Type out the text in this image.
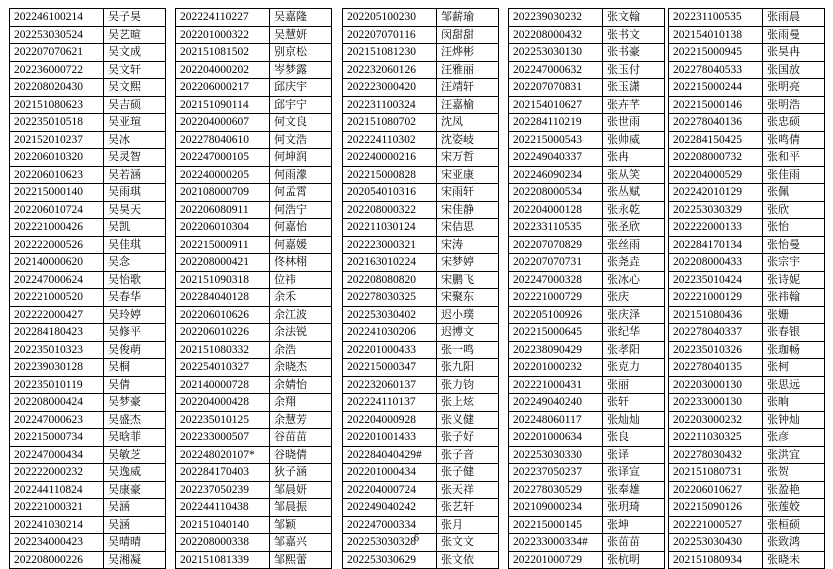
202246100214	吴子昊
202253030524	吴艺暄
202207070621	吴文成
202236000722	吴文轩
202208020430	吴文熙
202151080623	吴吉硕
202235010518	吴亚瑄
202152010237	吴冰
202206010320	吴灵智
202206010623	吴若涵
202215000140	吴雨琪
202206010724	吴昊天
202221000426	吴凯
202222000526	吴佳琪
202140000620	吴念
202247000624	吴怡歌
202221000520	吴春华
202222000427	吴玲婷
202284180423	吴修平
202235010323	吴俊萌
202239030128	吴桐
202235010119	吴倩
202208000424	吴梦豪
202247000623	吴盛杰
202215000734	吴晗菲
202247000434	吴敏芝
202222000232	吴逸威
202244110824	吴康豪
202221000321	吴涵
202241030214	吴涵
202234000423	吴晴晴
202208000226	吴湘凝
202224110227	吴嘉隆
202201000322	吴慧妍
202151081502	别京松
202204000202	岑梦露
202206000217	邱庆宇
202151090114	邱宇宁
202204000607	何文良
202278040610	何文浩
202247000105	何坤润
202240000205	何雨濛
202108000709	何孟霄
202206080911	何浩宁
202206010304	何嘉怡
202215000911	何嘉媛
202208000421	佟林栩
202151090318	位祎
202284040128	余禾
202206010626	余江波
202206010226	余法锐
202151080332	余浩
202254010327	余晓杰
202140000728	余婧怡
202204000428	余翔
202235010125	余慧芳
202233000507	谷苗苗
202248020107*	谷晓倩
202284170403	狄子涵
202237050239	邹晨妍
202244110438	邹晨振
202151040140	邹颖
202208000338	邹嘉兴
202151081339	邹熙蕾
202205100230	邹薪瑜
202207070116	闵甜甜
202151081230	汪烨彬
202232060126	汪雅丽
202223000420	汪靖轩
202231100324	汪嘉榆
202151080702	沈凤
202224110302	沈姿岐
202240000216	宋万哲
202215000828	宋亚康
202054010316	宋雨轩
202208000322	宋佳静
202211030124	宋佶思
202223000321	宋涛
202163010224	宋梦婷
202208080820	宋鹏飞
202278030325	宋聚东
202253030402	迟小璞
202241030206	迟博文
202201000433	张一鸣
202215000347	张九阳
202232060137	张力钧
202224110137	张上炫
202204000928	张义健
202201001433	张子好
202284040429#	张子音
202201000434	张子健
202204000724	张天祥
202249040242	张艺轩
202247000334	张月
202253030328	张文文
202253030629	张文依
202239030232	张文翰
202208000432	张书文
202253030130	张书豪
202247000632	张玉付
202207070831	张玉潇
202154010627	张卉芊
202284110219	张世雨
202215000543	张帅威
202249040337	张冉
202246090234	张从笑
202208000534	张丛赋
202204000128	张永乾
202233110535	张圣欣
202207070829	张丝雨
202207070731	张尧垚
202247000328	张冰心
202221000729	张庆
202205100926	张庆泽
202215000645	张纪华
202238090429	张孝阳
202201000232	张克力
202221000431	张丽
202249040240	张轩
202248060117	张灿灿
202201000634	张良
202253030330	张译
202237050237	张译宣
202278030529	张奉雄
202109000234	张玥琦
202215000145	张坤
202233000334#	张苗苗
202201000729	张杭明
202231100535	张雨晨
202154010138	张雨曼
202215000945	张昊冉
202278040533	张国放
202215000244	张明亮
202215000146	张明浩
202278040136	张忠硕
202284150425	张鸣倩
202208000732	张和平
202204000529	张佳雨
202242010129	张佩
202253030329	张欣
202222000133	张怡
202284170134	张怡曼
202208000433	张宗宇
202235010424	张诗妮
202221000129	张祎翰
202151080436	张姗
202278040337	张春银
202235010326	张珈畅
202278040135	张柯
202203000130	张思远
202233000130	张晌
202203000232	张钟灿
202211030325	张彦
202278030432	张洪宜
202151080731	张贺
202206010627	张盈艳
202215090126	张莲姣
202221000527	张桓硕
202253030430	张致鸿
202151080934	张晓未
6
